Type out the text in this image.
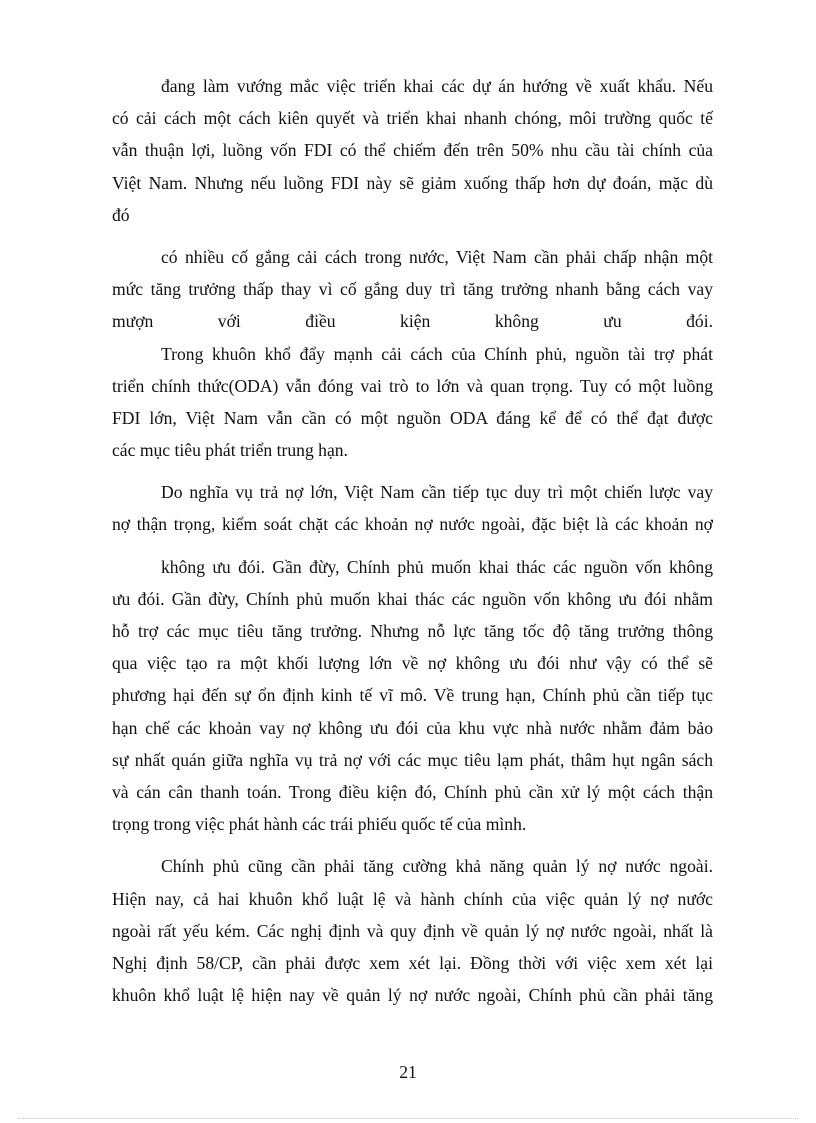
đang làm vướng mắc việc triển khai các dự án hướng về xuất khẩu. Nếu
có cải cách một cách kiên quyết và triển khai nhanh chóng, môi trường quốc tế
vẫn thuận lợi, luồng vốn FDI có thể chiếm đến trên 50% nhu cầu tài chính của
Việt Nam. Nhưng nếu luồng FDI này sẽ giảm xuống thấp hơn dự đoán, mặc dù
đó
có nhiều cố gắng cải cách trong nước, Việt Nam cần phải chấp nhận một
mức tăng trưởng thấp thay vì cố gắng duy trì tăng trưởng nhanh bằng cách vay
mượn với điều kiện không ưu đói.
Trong khuôn khổ đẩy mạnh cải cách của Chính phủ, nguồn tài trợ phát
triển chính thức(ODA) vẫn đóng vai trò to lớn và quan trọng. Tuy có một luồng
FDI lớn, Việt Nam vẫn cần có một nguồn ODA đáng kể để có thể đạt được
các mục tiêu phát triển trung hạn.
Do nghĩa vụ trả nợ lớn, Việt Nam cần tiếp tục duy trì một chiến lược vay
nợ thận trọng, kiểm soát chặt các khoản nợ nước ngoài, đặc biệt là các khoản nợ
không ưu đói. Gần đừy, Chính phủ muốn khai thác các nguồn vốn không
ưu đói. Gần đừy, Chính phủ muốn khai thác các nguồn vốn không ưu đói nhằm
hỗ trợ các mục tiêu tăng trưởng. Nhưng nỗ lực tăng tốc độ tăng trưởng thông
qua việc tạo ra một khối lượng lớn về nợ không ưu đói như vậy có thể sẽ
phương hại đến sự ổn định kinh tế vĩ mô. Về trung hạn, Chính phủ cần tiếp tục
hạn chế các khoản vay nợ không ưu đói của khu vực nhà nước nhằm đảm bảo
sự nhất quán giữa nghĩa vụ trả nợ với các mục tiêu lạm phát, thâm hụt ngân sách
và cán cân thanh toán. Trong điều kiện đó, Chính phủ cần xử lý một cách thận
trọng trong việc phát hành các trái phiếu quốc tế của mình.
Chính phủ cũng cần phải tăng cường khả năng quản lý nợ nước ngoài.
Hiện nay, cả hai khuôn khổ luật lệ và hành chính của việc quản lý nợ nước
ngoài rất yếu kém. Các nghị định và quy định về quản lý nợ nước ngoài, nhất là
Nghị định 58/CP, cần phải được xem xét lại. Đồng thời với việc xem xét lại
khuôn khổ luật lệ hiện nay về quản lý nợ nước ngoài, Chính phủ cần phải tăng
21
